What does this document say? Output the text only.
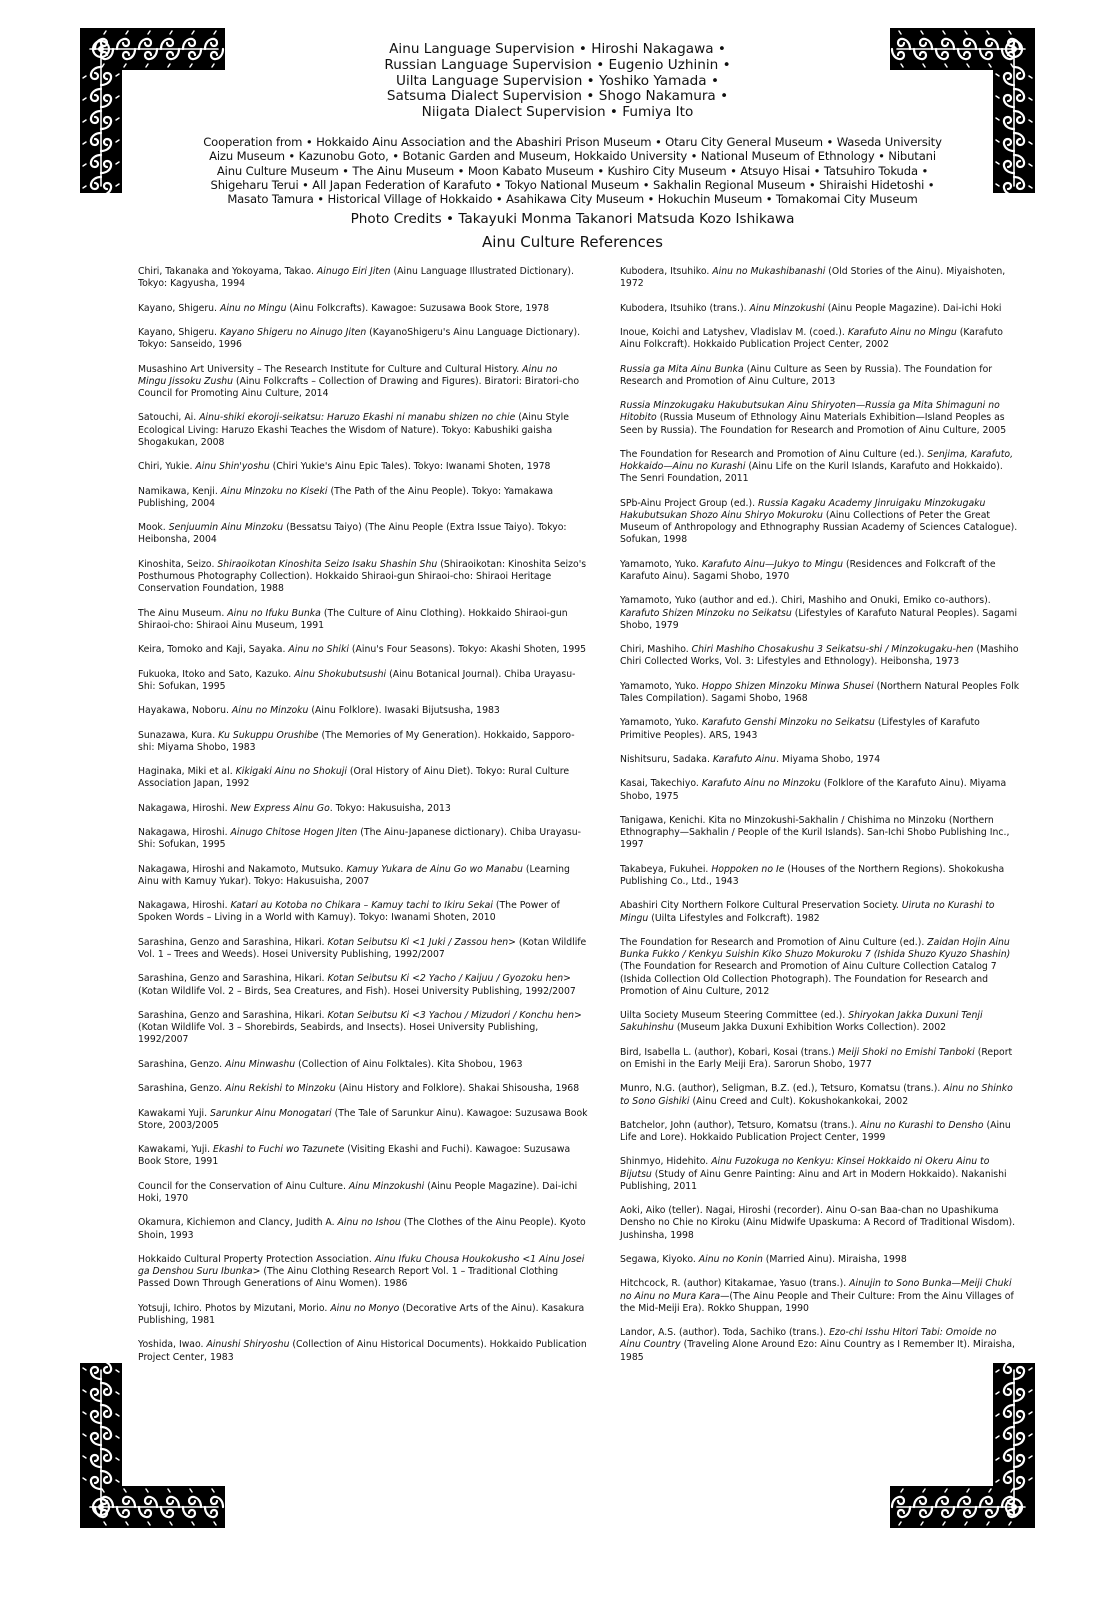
Ainu Language Supervision • Hiroshi Nakagawa •
Russian Language Supervision • Eugenio Uzhinin •
Uilta Language Supervision • Yoshiko Yamada •
Satsuma Dialect Supervision • Shogo Nakamura •
Niigata Dialect Supervision • Fumiya Ito
Cooperation from • Hokkaido Ainu Association and the Abashiri Prison Museum • Otaru City General Museum • Waseda University
Aizu Museum • Kazunobu Goto, • Botanic Garden and Museum, Hokkaido University • National Museum of Ethnology • Nibutani
Ainu Culture Museum • The Ainu Museum • Moon Kabato Museum • Kushiro City Museum • Atsuyo Hisai • Tatsuhiro Tokuda •
Shigeharu Terui • All Japan Federation of Karafuto • Tokyo National Museum • Sakhalin Regional Museum • Shiraishi Hidetoshi •
Masato Tamura • Historical Village of Hokkaido • Asahikawa City Museum • Hokuchin Museum • Tomakomai City Museum
Photo Credits • Takayuki Monma Takanori Matsuda Kozo Ishikawa
Ainu Culture References
Chiri, Takanaka and Yokoyama, Takao. Ainugo Eiri Jiten (Ainu Language Illustrated Dictionary). Tokyo: Kagyusha, 1994
Kayano, Shigeru. Ainu no Mingu (Ainu Folkcrafts). Kawagoe: Suzusawa Book Store, 1978
Kayano, Shigeru. Kayano Shigeru no Ainugo Jiten (KayanoShigeru's Ainu Language Dictionary). Tokyo: Sanseido, 1996
Musashino Art University – The Research Institute for Culture and Cultural History. Ainu no Mingu Jissoku Zushu (Ainu Folkcrafts – Collection of Drawing and Figures). Biratori: Biratori-cho Council for Promoting Ainu Culture, 2014
Satouchi, Ai. Ainu-shiki ekoroji-seikatsu: Haruzo Ekashi ni manabu shizen no chie (Ainu Style Ecological Living: Haruzo Ekashi Teaches the Wisdom of Nature). Tokyo: Kabushiki gaisha Shogakukan, 2008
Chiri, Yukie. Ainu Shin'yoshu (Chiri Yukie's Ainu Epic Tales). Tokyo: Iwanami Shoten, 1978
Namikawa, Kenji. Ainu Minzoku no Kiseki (The Path of the Ainu People). Tokyo: Yamakawa Publishing, 2004
Mook. Senjuumin Ainu Minzoku (Bessatsu Taiyo) (The Ainu People (Extra Issue Taiyo). Tokyo: Heibonsha, 2004
Kinoshita, Seizo. Shiraoikotan Kinoshita Seizo Isaku Shashin Shu (Shiraoikotan: Kinoshita Seizo's Posthumous Photography Collection). Hokkaido Shiraoi-gun Shiraoi-cho: Shiraoi Heritage Conservation Foundation, 1988
The Ainu Museum. Ainu no Ifuku Bunka (The Culture of Ainu Clothing). Hokkaido Shiraoi-gun Shiraoi-cho: Shiraoi Ainu Museum, 1991
Keira, Tomoko and Kaji, Sayaka. Ainu no Shiki (Ainu's Four Seasons). Tokyo: Akashi Shoten, 1995
Fukuoka, Itoko and Sato, Kazuko. Ainu Shokubutsushi (Ainu Botanical Journal). Chiba Urayasu-Shi: Sofukan, 1995
Hayakawa, Noboru. Ainu no Minzoku (Ainu Folklore). Iwasaki Bijutsusha, 1983
Sunazawa, Kura. Ku Sukuppu Orushibe (The Memories of My Generation). Hokkaido, Sapporo-shi: Miyama Shobo, 1983
Haginaka, Miki et al. Kikigaki Ainu no Shokuji (Oral History of Ainu Diet). Tokyo: Rural Culture Association Japan, 1992
Nakagawa, Hiroshi. New Express Ainu Go. Tokyo: Hakusuisha, 2013
Nakagawa, Hiroshi. Ainugo Chitose Hogen Jiten (The Ainu-Japanese dictionary). Chiba Urayasu-Shi: Sofukan, 1995
Nakagawa, Hiroshi and Nakamoto, Mutsuko. Kamuy Yukara de Ainu Go wo Manabu (Learning Ainu with Kamuy Yukar). Tokyo: Hakusuisha, 2007
Nakagawa, Hiroshi. Katari au Kotoba no Chikara – Kamuy tachi to Ikiru Sekai (The Power of Spoken Words – Living in a World with Kamuy). Tokyo: Iwanami Shoten, 2010
Sarashina, Genzo and Sarashina, Hikari. Kotan Seibutsu Ki <1 Juki / Zassou hen> (Kotan Wildlife Vol. 1 – Trees and Weeds). Hosei University Publishing, 1992/2007
Sarashina, Genzo and Sarashina, Hikari. Kotan Seibutsu Ki <2 Yacho / Kaijuu / Gyozoku hen> (Kotan Wildlife Vol. 2 – Birds, Sea Creatures, and Fish). Hosei University Publishing, 1992/2007
Sarashina, Genzo and Sarashina, Hikari. Kotan Seibutsu Ki <3 Yachou / Mizudori / Konchu hen> (Kotan Wildlife Vol. 3 – Shorebirds, Seabirds, and Insects). Hosei University Publishing, 1992/2007
Sarashina, Genzo. Ainu Minwashu (Collection of Ainu Folktales). Kita Shobou, 1963
Sarashina, Genzo. Ainu Rekishi to Minzoku (Ainu History and Folklore). Shakai Shisousha, 1968
Kawakami Yuji. Sarunkur Ainu Monogatari (The Tale of Sarunkur Ainu). Kawagoe: Suzusawa Book Store, 2003/2005
Kawakami, Yuji. Ekashi to Fuchi wo Tazunete (Visiting Ekashi and Fuchi). Kawagoe: Suzusawa Book Store, 1991
Council for the Conservation of Ainu Culture. Ainu Minzokushi (Ainu People Magazine). Dai-ichi Hoki, 1970
Okamura, Kichiemon and Clancy, Judith A. Ainu no Ishou (The Clothes of the Ainu People). Kyoto Shoin, 1993
Hokkaido Cultural Property Protection Association. Ainu Ifuku Chousa Houkokusho <1 Ainu Josei ga Denshou Suru Ibunka> (The Ainu Clothing Research Report Vol. 1 – Traditional Clothing Passed Down Through Generations of Ainu Women). 1986
Yotsuji, Ichiro. Photos by Mizutani, Morio. Ainu no Monyo (Decorative Arts of the Ainu). Kasakura Publishing, 1981
Yoshida, Iwao. Ainushi Shiryoshu (Collection of Ainu Historical Documents). Hokkaido Publication Project Center, 1983
Kubodera, Itsuhiko. Ainu no Mukashibanashi (Old Stories of the Ainu). Miyaishoten, 1972
Kubodera, Itsuhiko (trans.). Ainu Minzokushi (Ainu People Magazine). Dai-ichi Hoki
Inoue, Koichi and Latyshev, Vladislav M. (coed.). Karafuto Ainu no Mingu (Karafuto Ainu Folkcraft). Hokkaido Publication Project Center, 2002
Russia ga Mita Ainu Bunka (Ainu Culture as Seen by Russia). The Foundation for Research and Promotion of Ainu Culture, 2013
Russia Minzokugaku Hakubutsukan Ainu Shiryoten—Russia ga Mita Shimaguni no Hitobito (Russia Museum of Ethnology Ainu Materials Exhibition—Island Peoples as Seen by Russia). The Foundation for Research and Promotion of Ainu Culture, 2005
The Foundation for Research and Promotion of Ainu Culture (ed.). Senjima, Karafuto, Hokkaido—Ainu no Kurashi (Ainu Life on the Kuril Islands, Karafuto and Hokkaido). The Senri Foundation, 2011
SPb-Ainu Project Group (ed.). Russia Kagaku Academy Jinruigaku Minzokugaku Hakubutsukan Shozo Ainu Shiryo Mokuroku (Ainu Collections of Peter the Great Museum of Anthropology and Ethnography Russian Academy of Sciences Catalogue). Sofukan, 1998
Yamamoto, Yuko. Karafuto Ainu—Jukyo to Mingu (Residences and Folkcraft of the Karafuto Ainu). Sagami Shobo, 1970
Yamamoto, Yuko (author and ed.). Chiri, Mashiho and Onuki, Emiko co-authors). Karafuto Shizen Minzoku no Seikatsu (Lifestyles of Karafuto Natural Peoples). Sagami Shobo, 1979
Chiri, Mashiho. Chiri Mashiho Chosakushu 3 Seikatsu-shi / Minzokugaku-hen (Mashiho Chiri Collected Works, Vol. 3: Lifestyles and Ethnology). Heibonsha, 1973
Yamamoto, Yuko. Hoppo Shizen Minzoku Minwa Shusei (Northern Natural Peoples Folk Tales Compilation). Sagami Shobo, 1968
Yamamoto, Yuko. Karafuto Genshi Minzoku no Seikatsu (Lifestyles of Karafuto Primitive Peoples). ARS, 1943
Nishitsuru, Sadaka. Karafuto Ainu. Miyama Shobo, 1974
Kasai, Takechiyo. Karafuto Ainu no Minzoku (Folklore of the Karafuto Ainu). Miyama Shobo, 1975
Tanigawa, Kenichi. Kita no Minzokushi-Sakhalin / Chishima no Minzoku (Northern Ethnography—Sakhalin / People of the Kuril Islands). San-Ichi Shobo Publishing Inc., 1997
Takabeya, Fukuhei. Hoppoken no Ie (Houses of the Northern Regions). Shokokusha Publishing Co., Ltd., 1943
Abashiri City Northern Folkore Cultural Preservation Society. Uiruta no Kurashi to Mingu (Uilta Lifestyles and Folkcraft). 1982
The Foundation for Research and Promotion of Ainu Culture (ed.). Zaidan Hojin Ainu Bunka Fukko / Kenkyu Suishin Kiko Shuzo Mokuroku 7 (Ishida Shuzo Kyuzo Shashin) (The Foundation for Research and Promotion of Ainu Culture Collection Catalog 7 (Ishida Collection Old Collection Photograph). The Foundation for Research and Promotion of Ainu Culture, 2012
Uilta Society Museum Steering Committee (ed.). Shiryokan Jakka Duxuni Tenji Sakuhinshu (Museum Jakka Duxuni Exhibition Works Collection). 2002
Bird, Isabella L. (author), Kobari, Kosai (trans.) Meiji Shoki no Emishi Tanboki (Report on Emishi in the Early Meiji Era). Sarorun Shobo, 1977
Munro, N.G. (author), Seligman, B.Z. (ed.), Tetsuro, Komatsu (trans.). Ainu no Shinko to Sono Gishiki (Ainu Creed and Cult). Kokushokankokai, 2002
Batchelor, John (author), Tetsuro, Komatsu (trans.). Ainu no Kurashi to Densho (Ainu Life and Lore). Hokkaido Publication Project Center, 1999
Shinmyo, Hidehito. Ainu Fuzokuga no Kenkyu: Kinsei Hokkaido ni Okeru Ainu to Bijutsu (Study of Ainu Genre Painting: Ainu and Art in Modern Hokkaido). Nakanishi Publishing, 2011
Aoki, Aiko (teller). Nagai, Hiroshi (recorder). Ainu O-san Baa-chan no Upashikuma Densho no Chie no Kiroku (Ainu Midwife Upaskuma: A Record of Traditional Wisdom). Jushinsha, 1998
Segawa, Kiyoko. Ainu no Konin (Married Ainu). Miraisha, 1998
Hitchcock, R. (author) Kitakamae, Yasuo (trans.). Ainujin to Sono Bunka—Meiji Chuki no Ainu no Mura Kara—(The Ainu People and Their Culture: From the Ainu Villages of the Mid-Meiji Era). Rokko Shuppan, 1990
Landor, A.S. (author). Toda, Sachiko (trans.). Ezo-chi Isshu Hitori Tabi: Omoide no Ainu Country (Traveling Alone Around Ezo: Ainu Country as I Remember It). Miraisha, 1985
